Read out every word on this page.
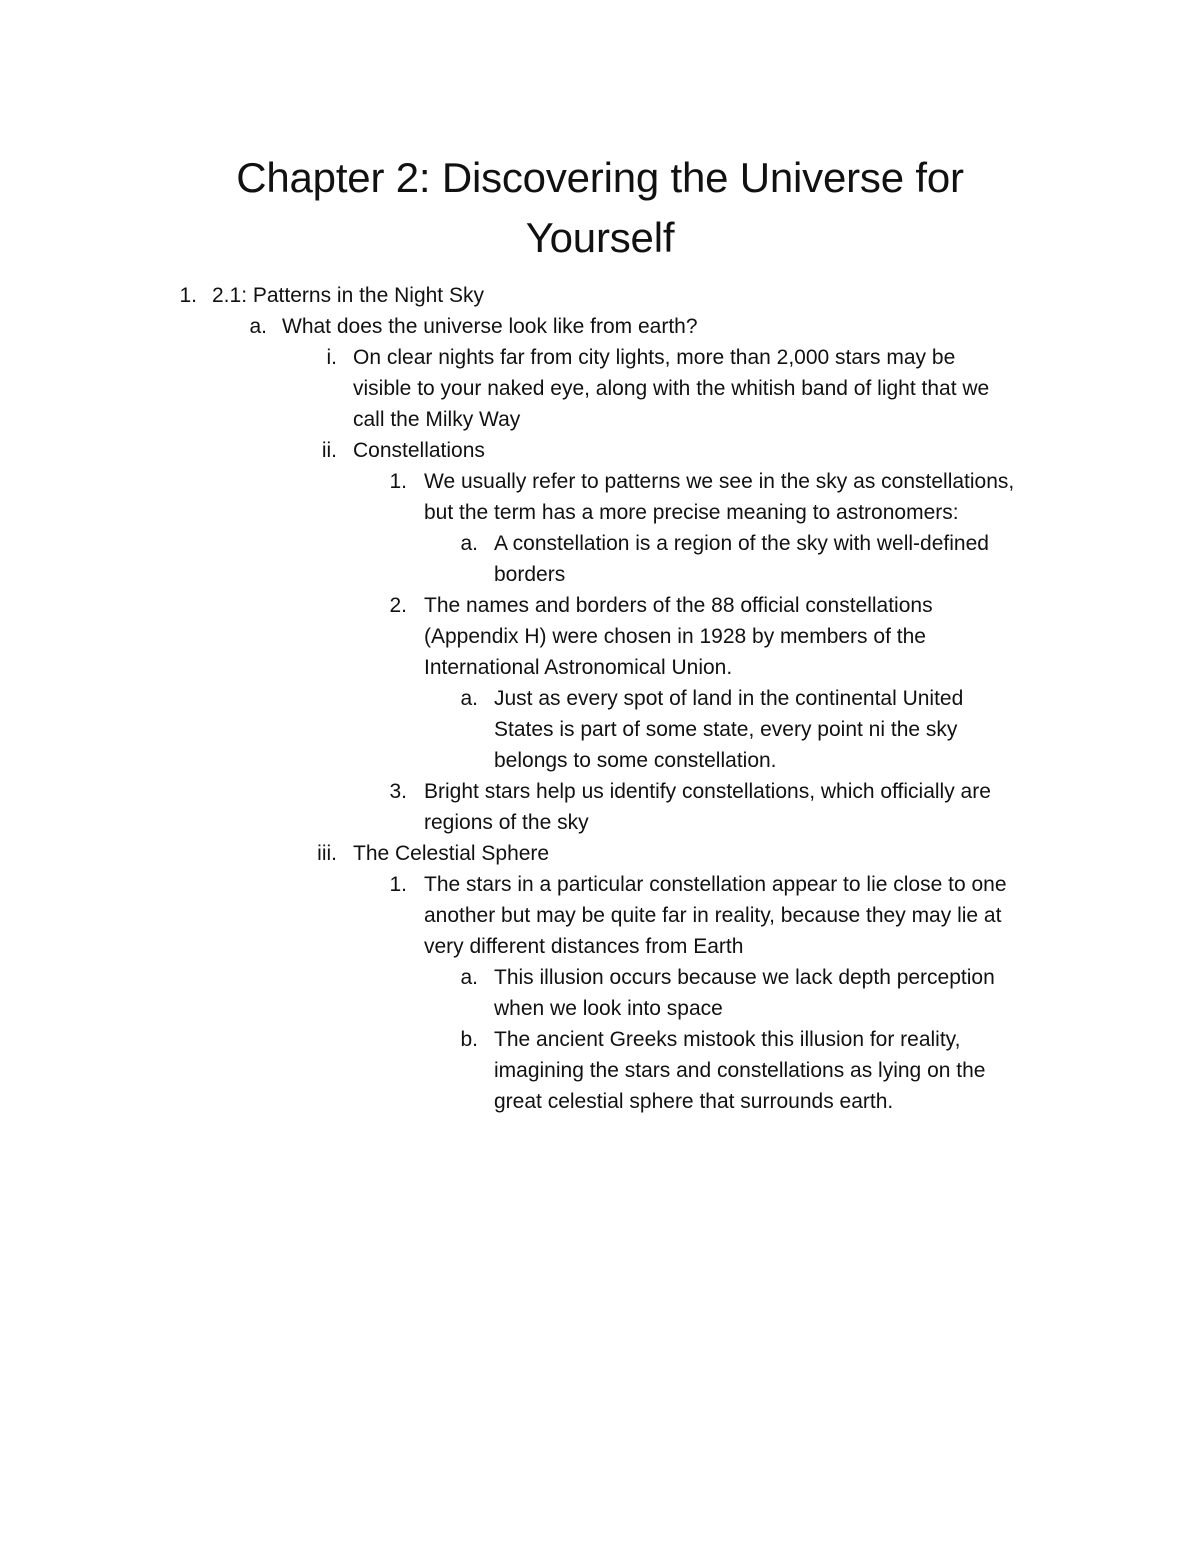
Chapter 2: Discovering the Universe for
Yourself
1. 2.1: Patterns in the Night Sky
a. What does the universe look like from earth?
i. On clear nights far from city lights, more than 2,000 stars may be
visible to your naked eye, along with the whitish band of light that we
call the Milky Way
ii. Constellations
1. We usually refer to patterns we see in the sky as constellations,
but the term has a more precise meaning to astronomers:
a. A constellation is a region of the sky with well-defined
borders
2. The names and borders of the 88 official constellations
(Appendix H) were chosen in 1928 by members of the
International Astronomical Union.
a. Just as every spot of land in the continental United
States is part of some state, every point ni the sky
belongs to some constellation.
3. Bright stars help us identify constellations, which officially are
regions of the sky
iii. The Celestial Sphere
1. The stars in a particular constellation appear to lie close to one
another but may be quite far in reality, because they may lie at
very different distances from Earth
a. This illusion occurs because we lack depth perception
when we look into space
b. The ancient Greeks mistook this illusion for reality,
imagining the stars and constellations as lying on the
great celestial sphere that surrounds earth.
